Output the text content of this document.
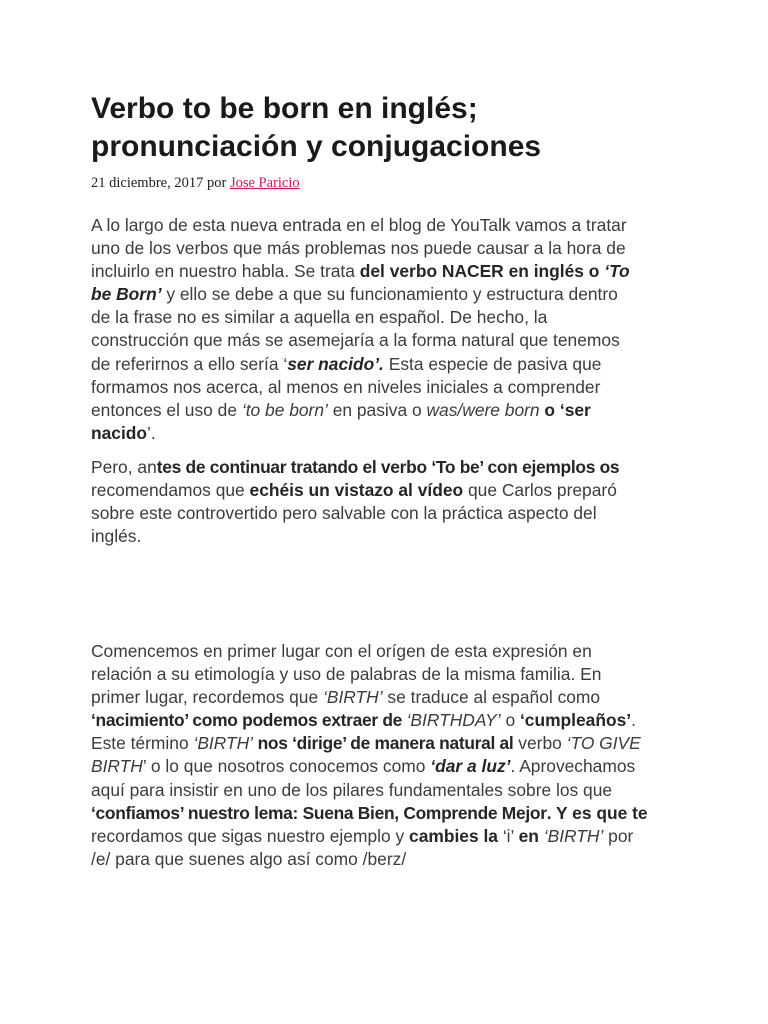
Verbo to be born en inglés;
pronunciación y conjugaciones
21 diciembre, 2017 por Jose Paricio

A lo largo de esta nueva entrada en el blog de YouTalk vamos a tratar
uno de los verbos que más problemas nos puede causar a la hora de
incluirlo en nuestro habla. Se trata del verbo NACER en inglés o ‘To
be Born’ y ello se debe a que su funcionamiento y estructura dentro
de la frase no es similar a aquella en español. De hecho, la
construcción que más se asemejaría a la forma natural que tenemos
de referirnos a ello sería ‘ser nacido’. Esta especie de pasiva que
formamos nos acerca, al menos en niveles iniciales a comprender
entonces el uso de ‘to be born’ en pasiva o was/were born o ‘ser
nacido’.

Pero, antes de continuar tratando el verbo ‘To be’ con ejemplos os
recomendamos que echéis un vistazo al vídeo que Carlos preparó
sobre este controvertido pero salvable con la práctica aspecto del
inglés.

Comencemos en primer lugar con el orígen de esta expresión en
relación a su etimología y uso de palabras de la misma familia. En
primer lugar, recordemos que ‘BIRTH’ se traduce al español como
‘nacimiento’ como podemos extraer de ‘BIRTHDAY’ o ‘cumpleaños’.
Este término ‘BIRTH’ nos ‘dirige’ de manera natural al verbo ‘TO GIVE
BIRTH’ o lo que nosotros conocemos como ‘dar a luz’. Aprovechamos
aquí para insistir en uno de los pilares fundamentales sobre los que
‘confiamos’ nuestro lema: Suena Bien, Comprende Mejor. Y es que te
recordamos que sigas nuestro ejemplo y cambies la ‘i’ en ‘BIRTH’ por
/e/ para que suenes algo así como /berz/
